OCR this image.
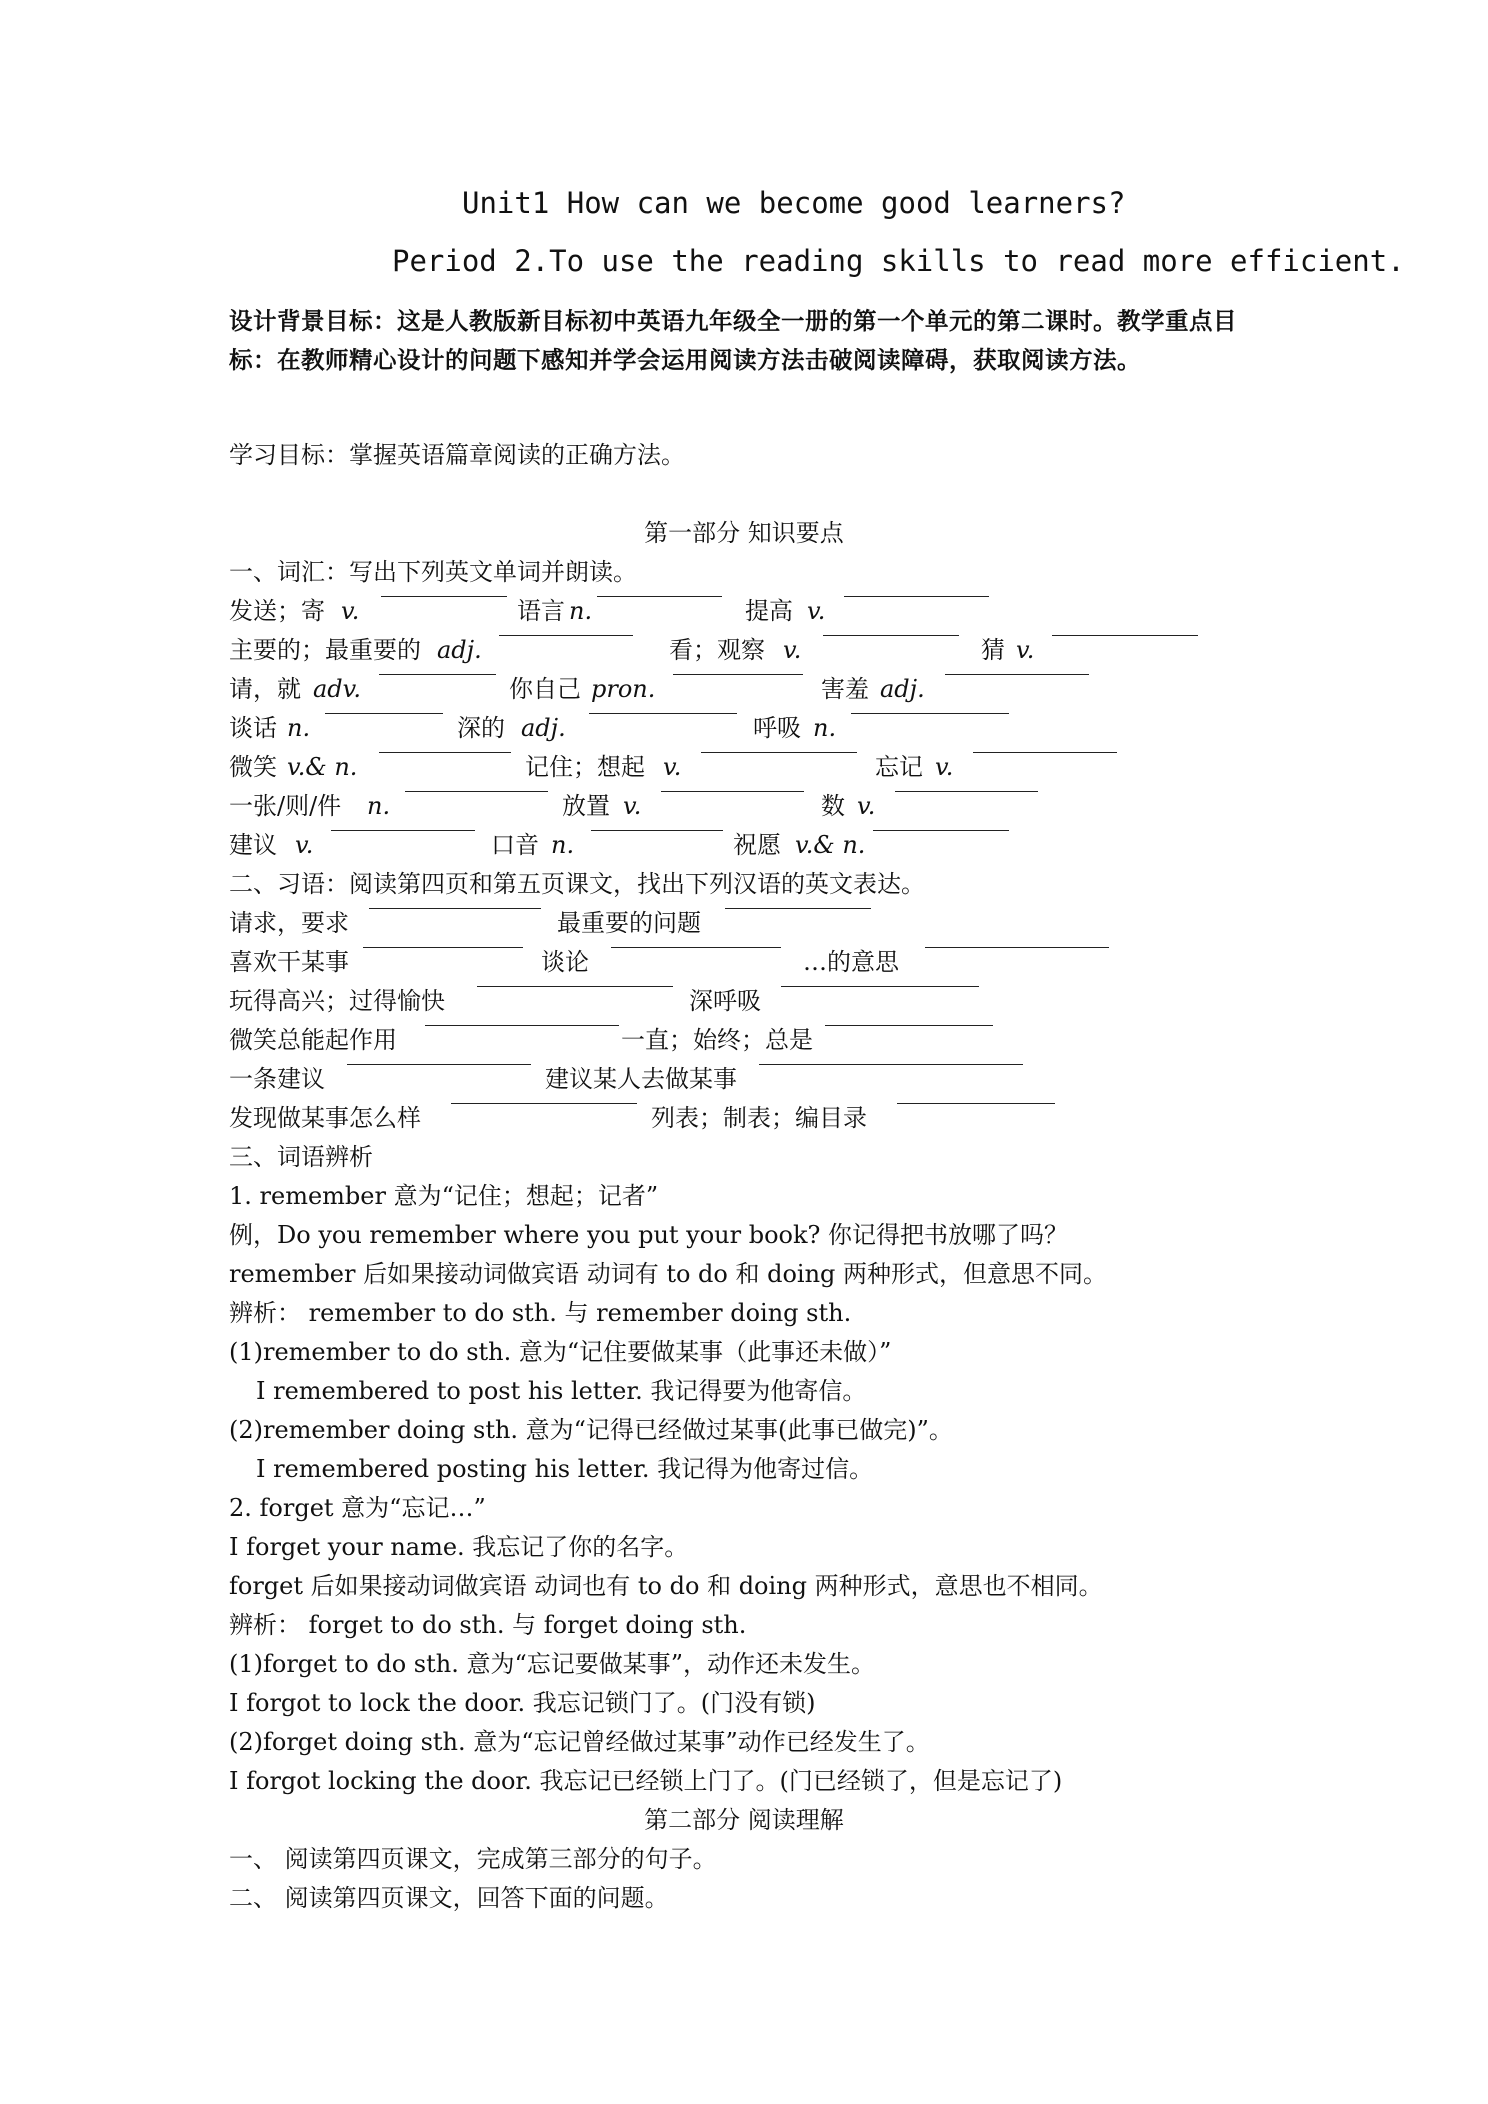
Unit1 How can we become good learners?
Period 2.To use the reading skills to read more efficient.
设计背景目标：这是人教版新目标初中英语九年级全一册的第一个单元的第二课时。教学重点目标：在教师精心设计的问题下感知并学会运用阅读方法击破阅读障碍，获取阅读方法。
学习目标：掌握英语篇章阅读的正确方法。
第一部分 知识要点
一、词汇：写出下列英文单词并朗读。
发送；寄 v.	语言 n.	提高 v.
主要的；最重要的 adj.	看；观察 v.	猜 v.
请，就 adv.	你自己 pron.	害羞 adj.
谈话 n.	深的 adj.	呼吸 n.
微笑 v.& n.	记住；想起 v.	忘记 v.
一张/则/件 n.	放置 v.	数 v.
建议 v.	口音 n.	祝愿 v.& n.
二、习语：阅读第四页和第五页课文，找出下列汉语的英文表达。
请求，要求	最重要的问题
喜欢干某事	谈论	…的意思
玩得高兴；过得愉快	深呼吸
微笑总能起作用	一直；始终；总是
一条建议	建议某人去做某事
发现做某事怎么样	列表；制表；编目录
三、词语辨析
1. remember 意为“记住；想起；记者”
例，Do you remember where you put your book? 你记得把书放哪了吗？
remember 后如果接动词做宾语 动词有 to do 和 doing 两种形式，但意思不同。
辨析： remember to do sth. 与 remember doing sth.
(1)remember to do sth. 意为“记住要做某事（此事还未做）”
I remembered to post his letter. 我记得要为他寄信。
(2)remember doing sth. 意为“记得已经做过某事(此事已做完)”。
I remembered posting his letter. 我记得为他寄过信。
2. forget 意为“忘记…”
I forget your name. 我忘记了你的名字。
forget 后如果接动词做宾语 动词也有 to do 和 doing 两种形式，意思也不相同。
辨析： forget to do sth. 与 forget doing sth.
(1)forget to do sth. 意为“忘记要做某事”，动作还未发生。
I forgot to lock the door. 我忘记锁门了。(门没有锁)
(2)forget doing sth. 意为“忘记曾经做过某事”动作已经发生了。
I forgot locking the door. 我忘记已经锁上门了。(门已经锁了，但是忘记了)
第二部分 阅读理解
一、 阅读第四页课文，完成第三部分的句子。
二、 阅读第四页课文，回答下面的问题。
